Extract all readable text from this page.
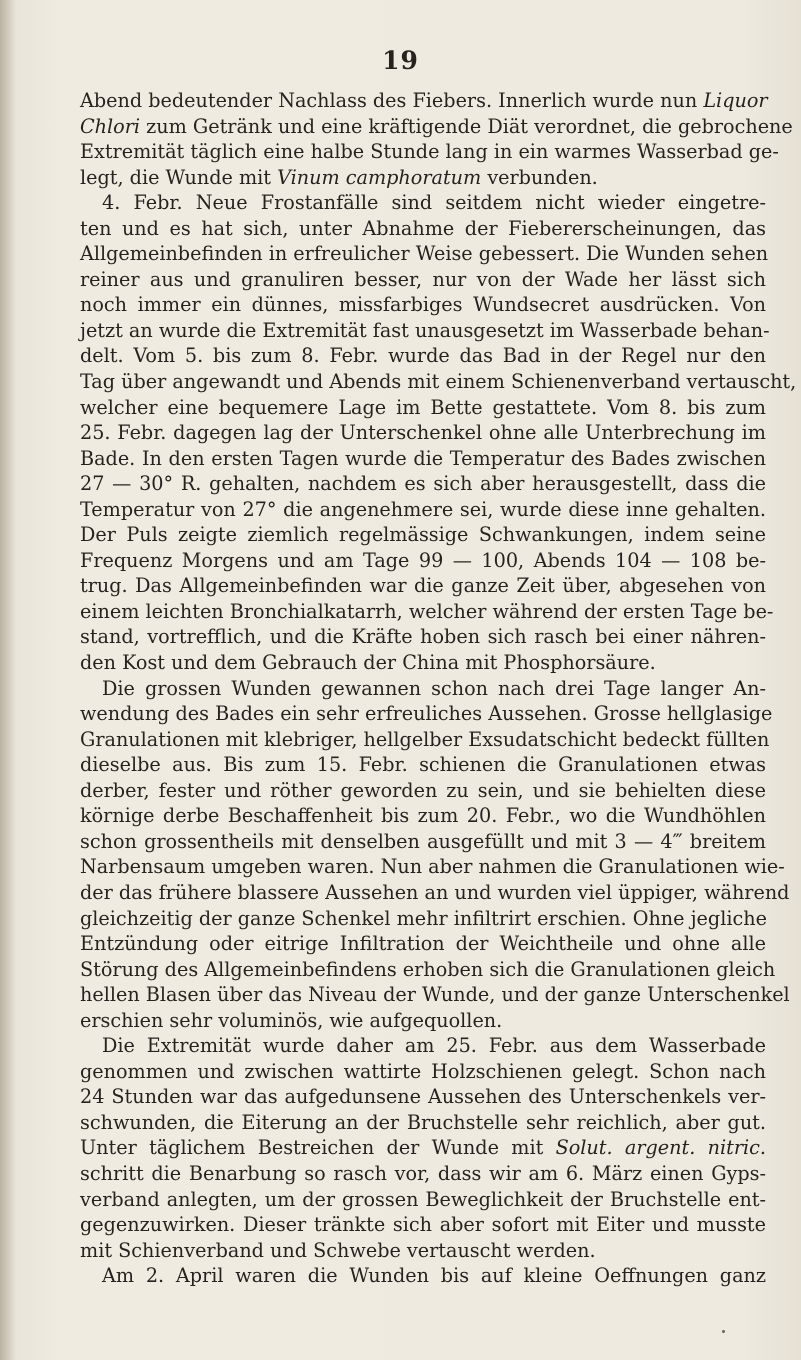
19

Abend bedeutender Nachlass des Fiebers. Innerlich wurde nun Liquor

Chlori zum Getränk und eine kräftigende Diät verordnet, die gebrochene

Extremität täglich eine halbe Stunde lang in ein warmes Wasserbad ge-

legt, die Wunde mit Vinum camphoratum verbunden.

4. Febr. Neue Frostanfälle sind seitdem nicht wieder eingetre-

ten und es hat sich, unter Abnahme der Fiebererscheinungen, das

Allgemeinbefinden in erfreulicher Weise gebessert. Die Wunden sehen

reiner aus und granuliren besser, nur von der Wade her lässt sich

noch immer ein dünnes, missfarbiges Wundsecret ausdrücken. Von

jetzt an wurde die Extremität fast unausgesetzt im Wasserbade behan-

delt. Vom 5. bis zum 8. Febr. wurde das Bad in der Regel nur den

Tag über angewandt und Abends mit einem Schienenverband vertauscht,

welcher eine bequemere Lage im Bette gestattete. Vom 8. bis zum

25. Febr. dagegen lag der Unterschenkel ohne alle Unterbrechung im

Bade. In den ersten Tagen wurde die Temperatur des Bades zwischen

27 — 30° R. gehalten, nachdem es sich aber herausgestellt, dass die

Temperatur von 27° die angenehmere sei, wurde diese inne gehalten.

Der Puls zeigte ziemlich regelmässige Schwankungen, indem seine

Frequenz Morgens und am Tage 99 — 100, Abends 104 — 108 be-

trug. Das Allgemeinbefinden war die ganze Zeit über, abgesehen von

einem leichten Bronchialkatarrh, welcher während der ersten Tage be-

stand, vortrefflich, und die Kräfte hoben sich rasch bei einer nähren-

den Kost und dem Gebrauch der China mit Phosphorsäure.

Die grossen Wunden gewannen schon nach drei Tage langer An-

wendung des Bades ein sehr erfreuliches Aussehen. Grosse hellglasige

Granulationen mit klebriger, hellgelber Exsudatschicht bedeckt füllten

dieselbe aus. Bis zum 15. Febr. schienen die Granulationen etwas

derber, fester und röther geworden zu sein, und sie behielten diese

körnige derbe Beschaffenheit bis zum 20. Febr., wo die Wundhöhlen

schon grossentheils mit denselben ausgefüllt und mit 3 — 4‴ breitem

Narbensaum umgeben waren. Nun aber nahmen die Granulationen wie-

der das frühere blassere Aussehen an und wurden viel üppiger, während

gleichzeitig der ganze Schenkel mehr infiltrirt erschien. Ohne jegliche

Entzündung oder eitrige Infiltration der Weichtheile und ohne alle

Störung des Allgemeinbefindens erhoben sich die Granulationen gleich

hellen Blasen über das Niveau der Wunde, und der ganze Unterschenkel

erschien sehr voluminös, wie aufgequollen.

Die Extremität wurde daher am 25. Febr. aus dem Wasserbade

genommen und zwischen wattirte Holzschienen gelegt. Schon nach

24 Stunden war das aufgedunsene Aussehen des Unterschenkels ver-

schwunden, die Eiterung an der Bruchstelle sehr reichlich, aber gut.

Unter täglichem Bestreichen der Wunde mit Solut. argent. nitric.

schritt die Benarbung so rasch vor, dass wir am 6. März einen Gyps-

verband anlegten, um der grossen Beweglichkeit der Bruchstelle ent-

gegenzuwirken. Dieser tränkte sich aber sofort mit Eiter und musste

mit Schienverband und Schwebe vertauscht werden.

Am 2. April waren die Wunden bis auf kleine Oeffnungen ganz
